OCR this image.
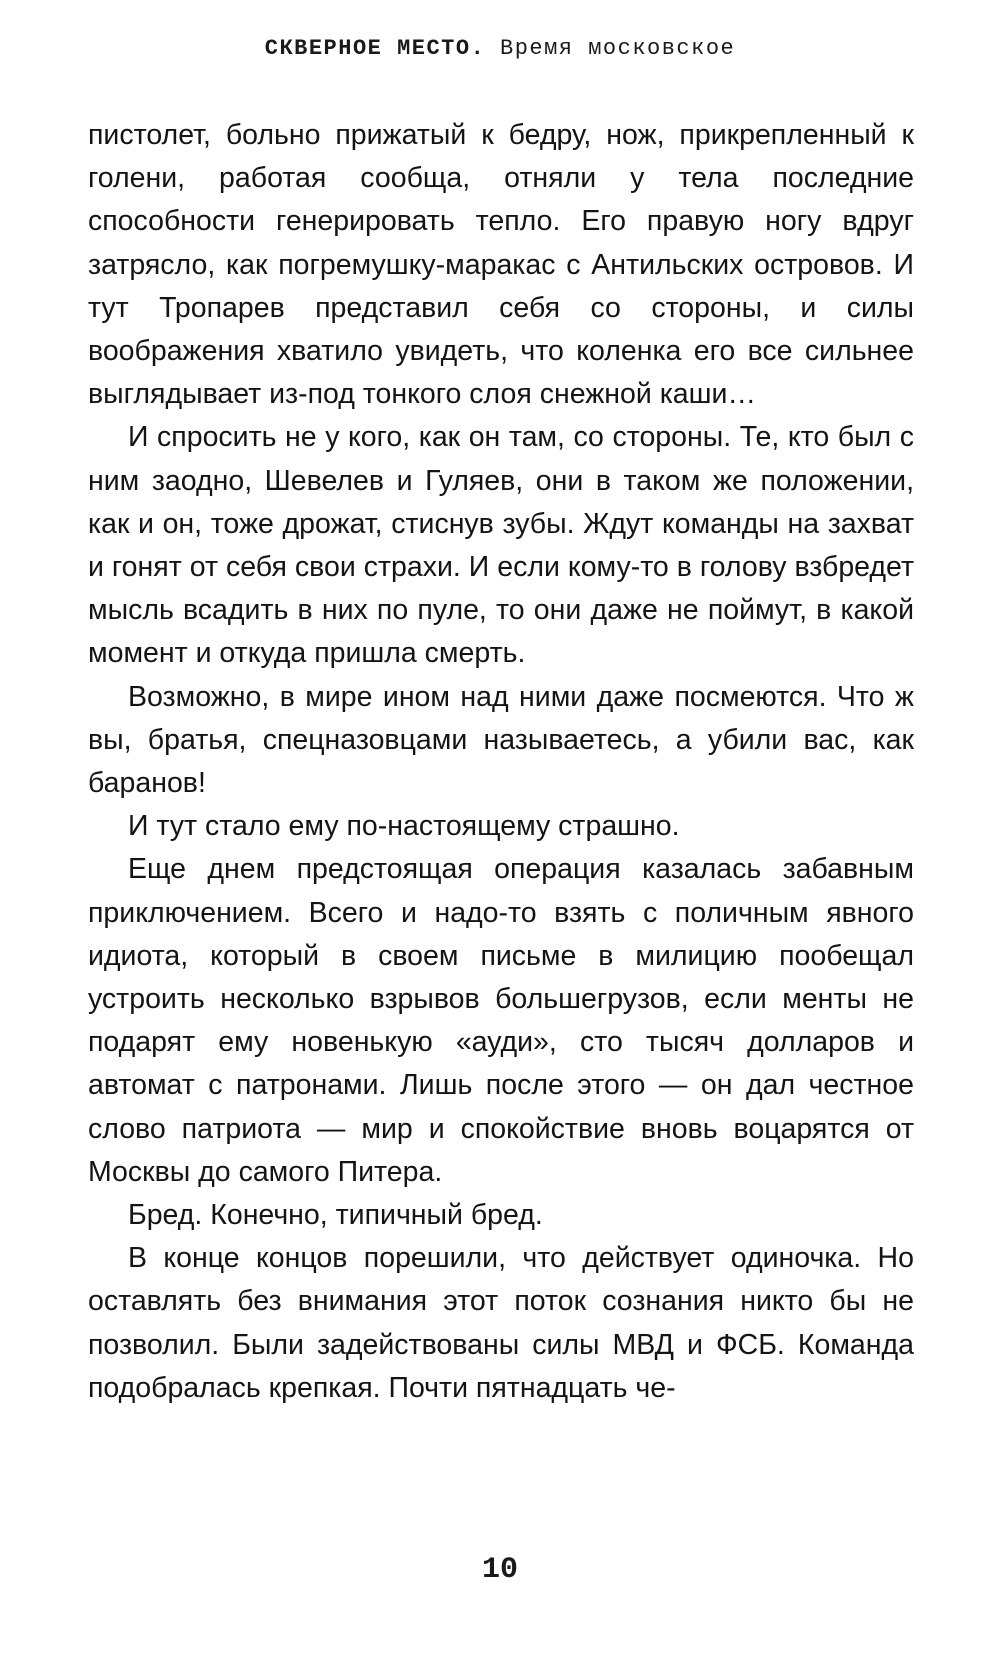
СКВЕРНОЕ МЕСТО. Время московское

пистолет, больно прижатый к бедру, нож, прикрепленный к голени, работая сообща, отняли у тела последние способности генерировать тепло. Его правую ногу вдруг затрясло, как погремушку-маракас с Антильских островов. И тут Тропарев представил себя со стороны, и силы воображения хватило увидеть, что коленка его все сильнее выглядывает из-под тонкого слоя снежной каши…

И спросить не у кого, как он там, со стороны. Те, кто был с ним заодно, Шевелев и Гуляев, они в таком же положении, как и он, тоже дрожат, стиснув зубы. Ждут команды на захват и гонят от себя свои страхи. И если кому-то в голову взбредет мысль всадить в них по пуле, то они даже не поймут, в какой момент и откуда пришла смерть.

Возможно, в мире ином над ними даже посмеются. Что ж вы, братья, спецназовцами называетесь, а убили вас, как баранов!

И тут стало ему по-настоящему страшно.

Еще днем предстоящая операция казалась забавным приключением. Всего и надо-то взять с поличным явного идиота, который в своем письме в милицию пообещал устроить несколько взрывов большегрузов, если менты не подарят ему новенькую «ауди», сто тысяч долларов и автомат с патронами. Лишь после этого — он дал честное слово патриота — мир и спокойствие вновь воцарятся от Москвы до самого Питера.

Бред. Конечно, типичный бред.

В конце концов порешили, что действует одиночка. Но оставлять без внимания этот поток сознания никто бы не позволил. Были задействованы силы МВД и ФСБ. Команда подобралась крепкая. Почти пятнадцать че-

10
